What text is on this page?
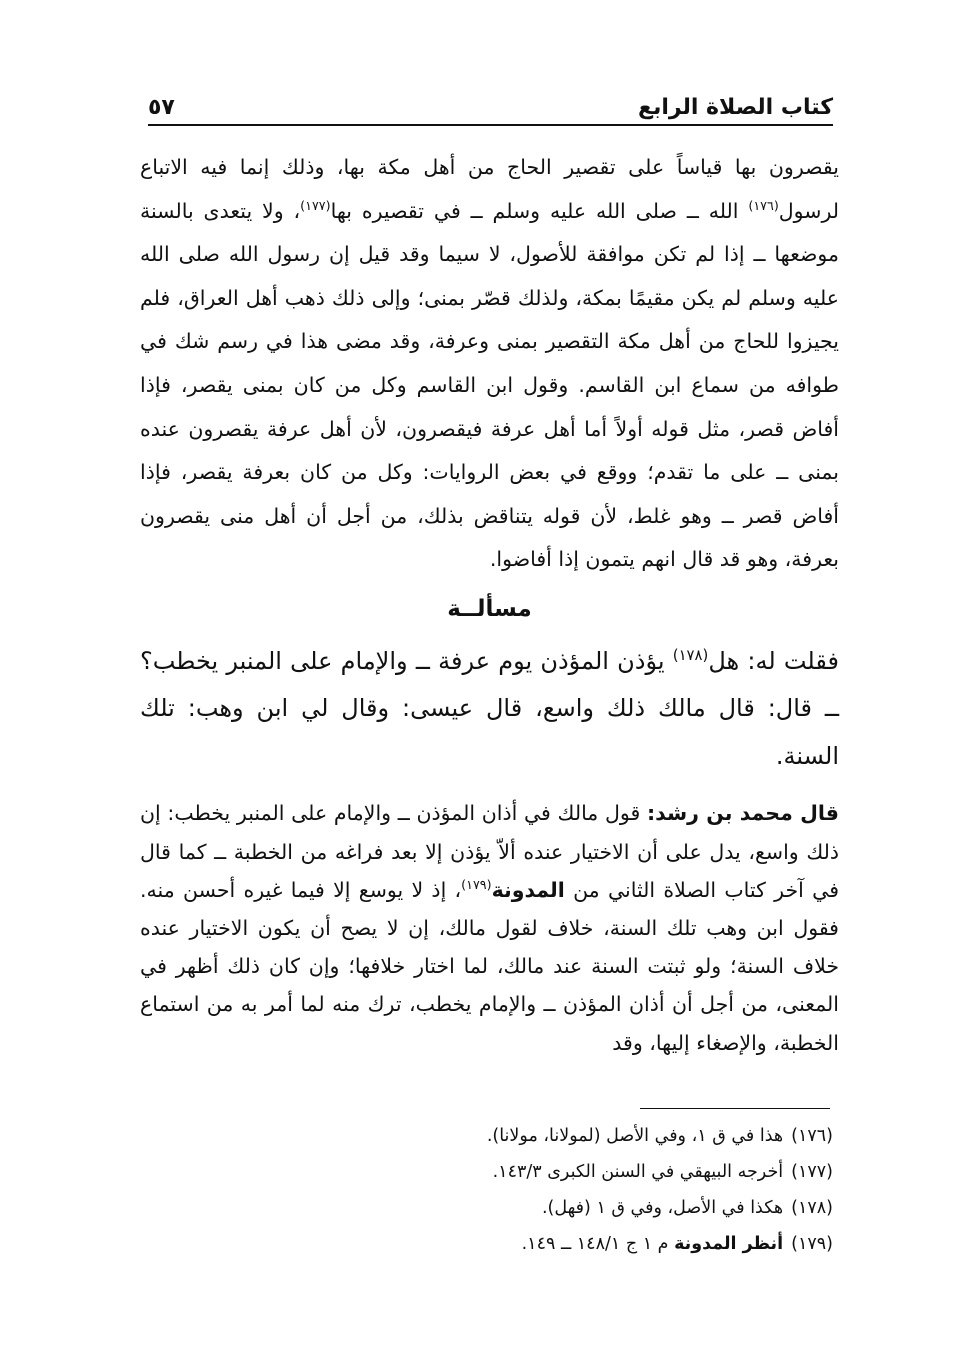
كتاب الصلاة الرابع
٥٧

يقصرون بها قياساً على تقصير الحاج من أهل مكة بها، وذلك إنما فيه الاتباع لرسول$^{(١٧٦)}$ الله ــ صلى الله عليه وسلم ــ في تقصيره بها$^{(١٧٧)}$، ولا يتعدى بالسنة موضعها ــ إذا لم تكن موافقة للأصول، لا سيما وقد قيل إن رسول الله صلى الله عليه وسلم لم يكن مقيمًا بمكة، ولذلك قصّر بمنى؛ وإلى ذلك ذهب أهل العراق، فلم يجيزوا للحاج من أهل مكة التقصير بمنى وعرفة، وقد مضى هذا في رسم شك في طوافه من سماع ابن القاسم. وقول ابن القاسم وكل من كان بمنى يقصر، فإذا أفاض قصر، مثل قوله أولاً أما أهل عرفة فيقصرون، لأن أهل عرفة يقصرون عنده بمنى ــ على ما تقدم؛ ووقع في بعض الروايات: وكل من كان بعرفة يقصر، فإذا أفاض قصر ــ وهو غلط، لأن قوله يتناقض بذلك، من أجل أن أهل منى يقصرون بعرفة، وهو قد قال انهم يتمون إذا أفاضوا.

مسألــة

فقلت له: هل$^{(١٧٨)}$ يؤذن المؤذن يوم عرفة ــ والإمام على المنبر يخطب؟ــ قال: قال مالك ذلك واسع، قال عيسى: وقال لي ابن وهب: تلك السنة.

قال محمد بن رشد: قول مالك في أذان المؤذن ــ والإمام على المنبر يخطب: إن ذلك واسع، يدل على أن الاختيار عنده ألاّ يؤذن إلا بعد فراغه من الخطبة ــ كما قال في آخر كتاب الصلاة الثاني من المدونة$^{(١٧٩)}$، إذ لا يوسع إلا فيما غيره أحسن منه. فقول ابن وهب تلك السنة، خلاف لقول مالك، إن لا يصح أن يكون الاختيار عنده خلاف السنة؛ ولو ثبتت السنة عند مالك، لما اختار خلافها؛ وإن كان ذلك أظهر في المعنى، من أجل أن أذان المؤذن ــ والإمام يخطب، ترك منه لما أمر به من استماع الخطبة، والإصغاء إليها، وقد

(١٧٦)
هذا في ق ١، وفي الأصل (لمولانا، مولانا).
(١٧٧)
أخرجه البيهقي في السنن الكبرى ١٤٣/٣.
(١٧٨)
هكذا في الأصل، وفي ق ١ (فهل).
(١٧٩)
أنظر المدونة م ١ ج ١٤٨/١ ــ ١٤٩.
